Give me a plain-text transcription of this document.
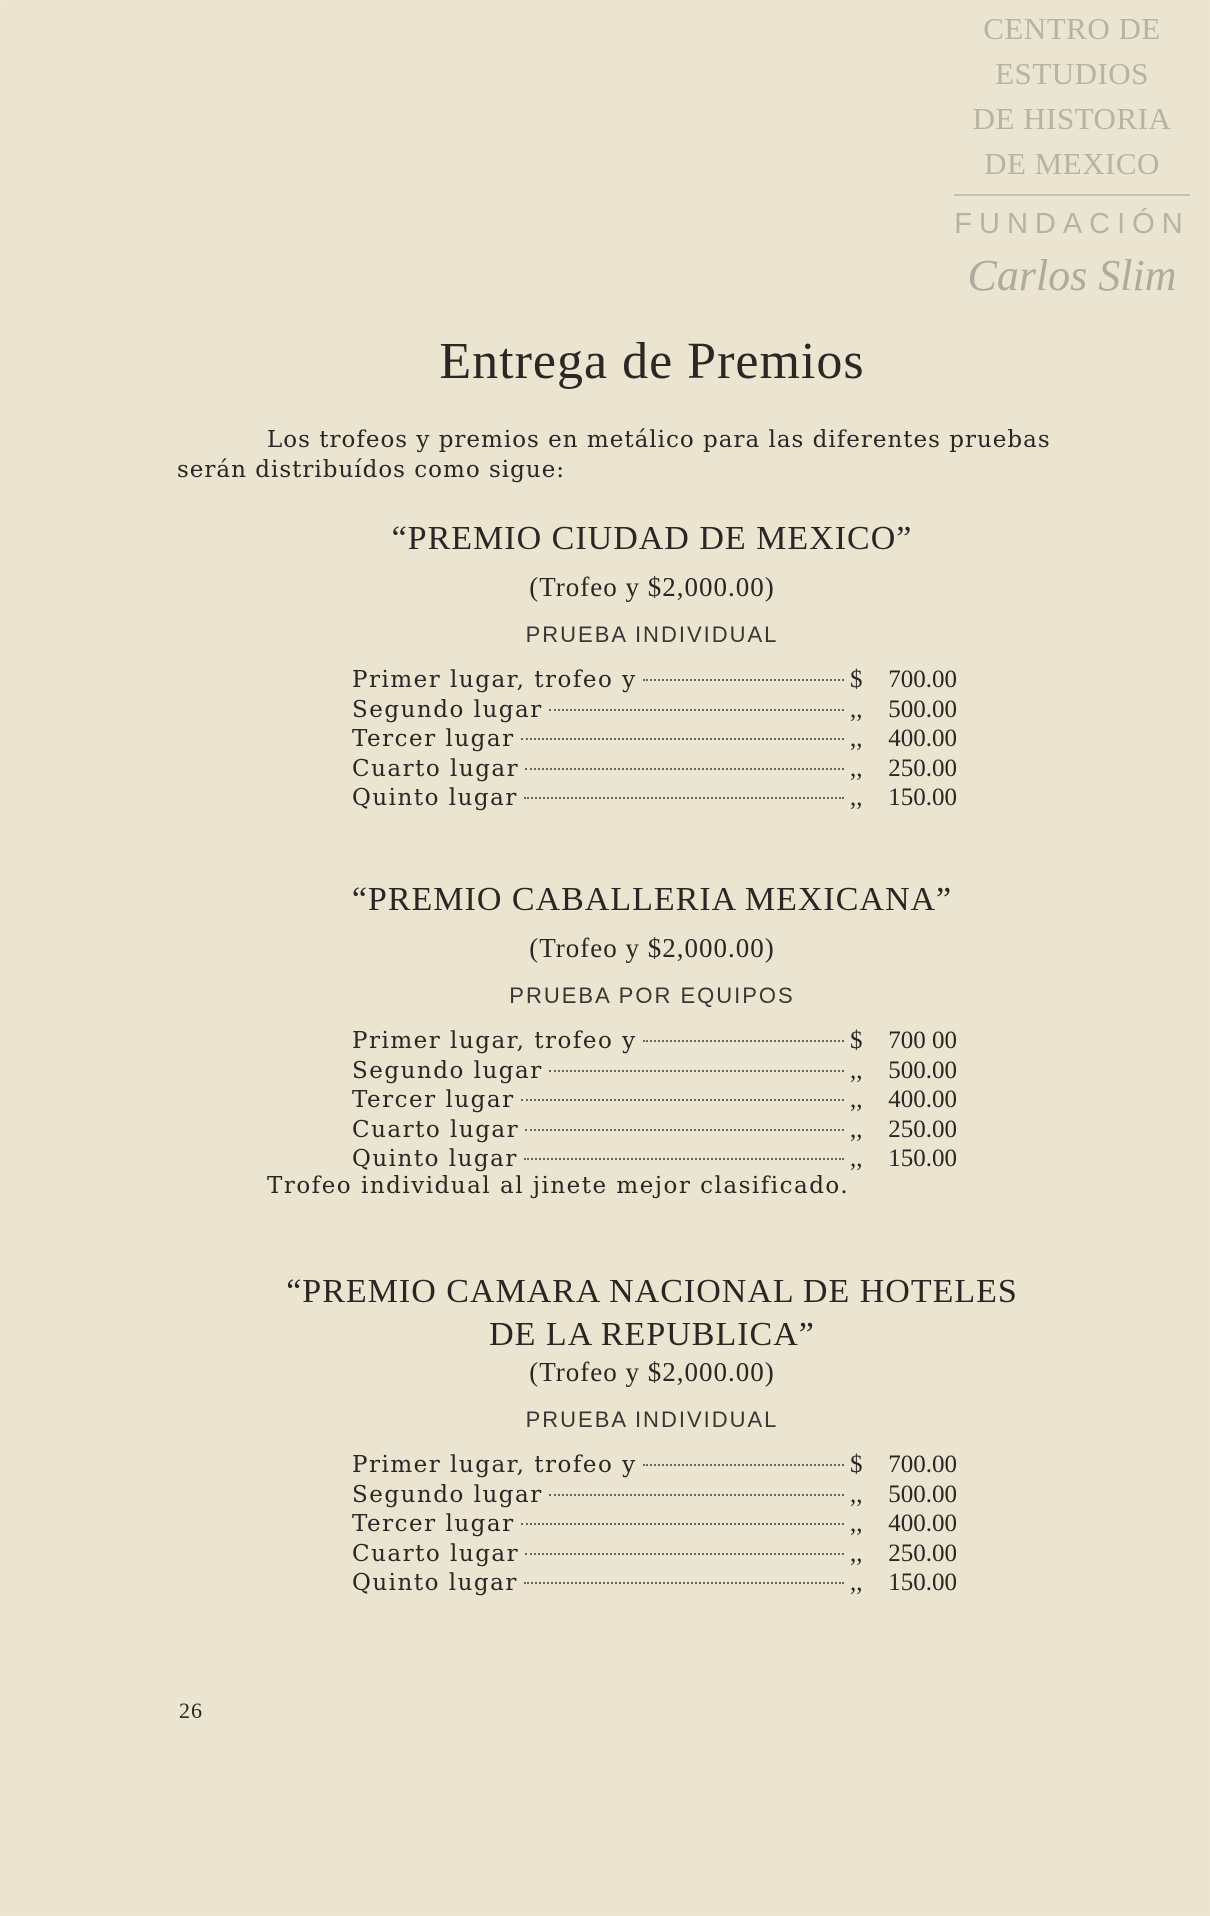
CENTRO DE
ESTUDIOS
DE HISTORIA
DE MEXICO
FUNDACIÓN
Carlos Slim
Entrega de Premios
Los trofeos y premios en metálico para las diferentes pruebas
serán distribuídos como sigue:
“PREMIO CIUDAD DE MEXICO”
(Trofeo y $2,000.00)
PRUEBA INDIVIDUAL
Primer lugar, trofeo y	$	700.00
Segundo lugar	,,	500.00
Tercer lugar	,,	400.00
Cuarto lugar	,,	250.00
Quinto lugar	,,	150.00
“PREMIO CABALLERIA MEXICANA”
(Trofeo y $2,000.00)
PRUEBA POR EQUIPOS
Primer lugar, trofeo y	$	700 00
Segundo lugar	,,	500.00
Tercer lugar	,,	400.00
Cuarto lugar	,,	250.00
Quinto lugar	,,	150.00
Trofeo individual al jinete mejor clasificado.
“PREMIO CAMARA NACIONAL DE HOTELES
DE LA REPUBLICA”
(Trofeo y $2,000.00)
PRUEBA INDIVIDUAL
Primer lugar, trofeo y	$	700.00
Segundo lugar	,,	500.00
Tercer lugar	,,	400.00
Cuarto lugar	,,	250.00
Quinto lugar	,,	150.00
26
